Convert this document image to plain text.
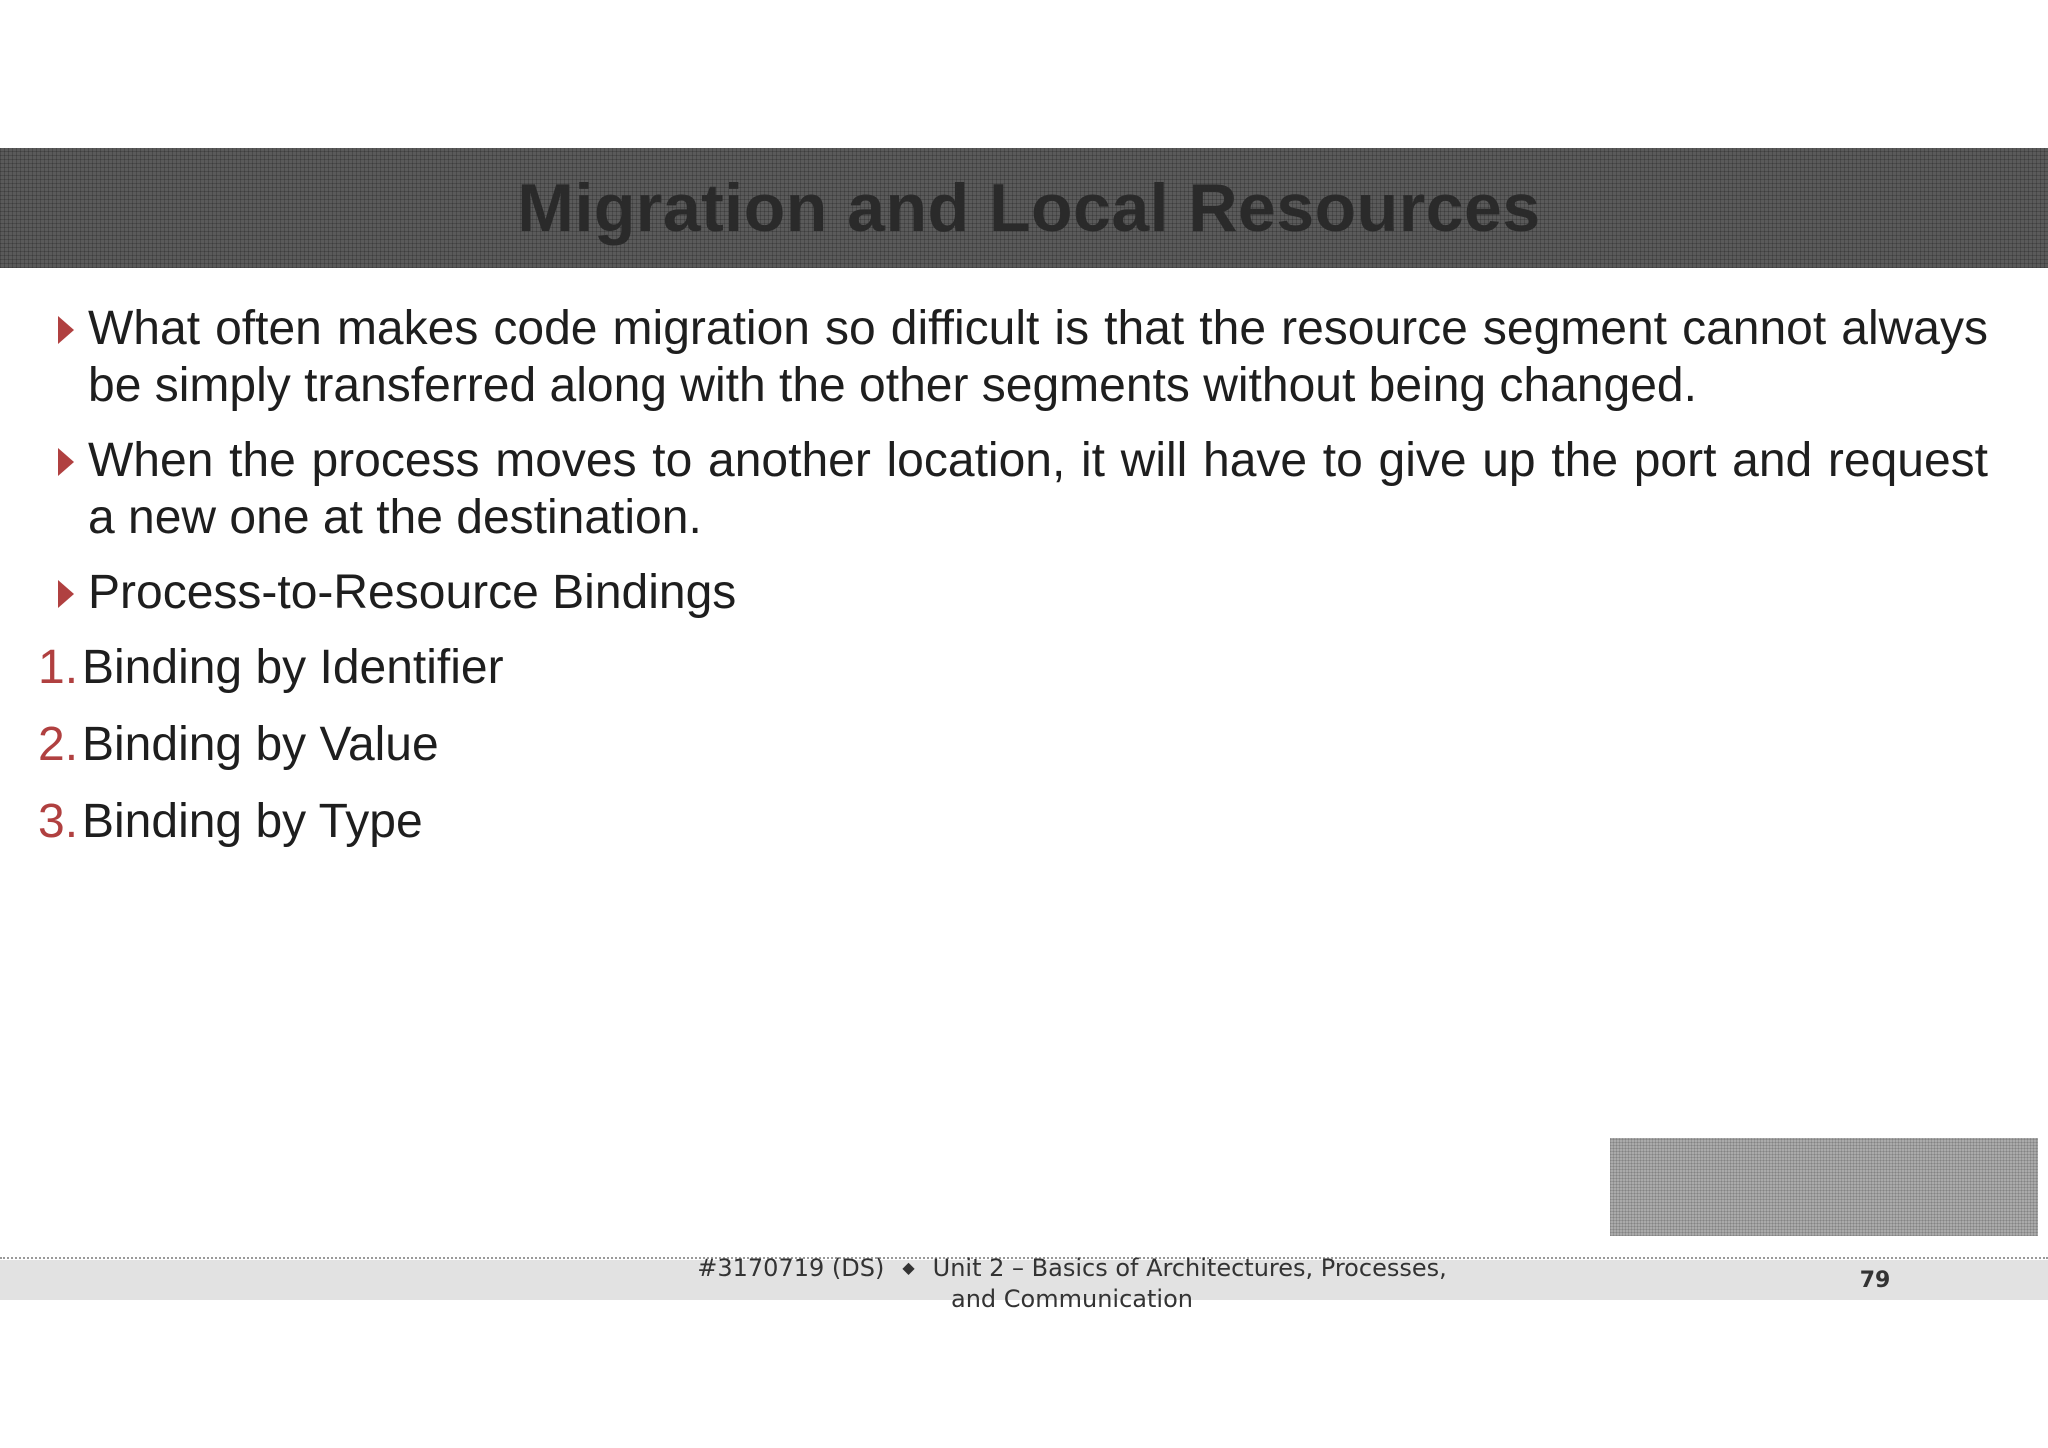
Migration and Local Resources
What often makes code migration so difficult is that the resource segment cannot always be simply transferred along with the other segments without being changed.
When the process moves to another location, it will have to give up the port and request a new one at the destination.
Process-to-Resource Bindings
1. Binding by Identifier
2. Binding by Value
3. Binding by Type
#3170719 (DS) ◆ Unit 2 – Basics of Architectures, Processes, and Communication
79
